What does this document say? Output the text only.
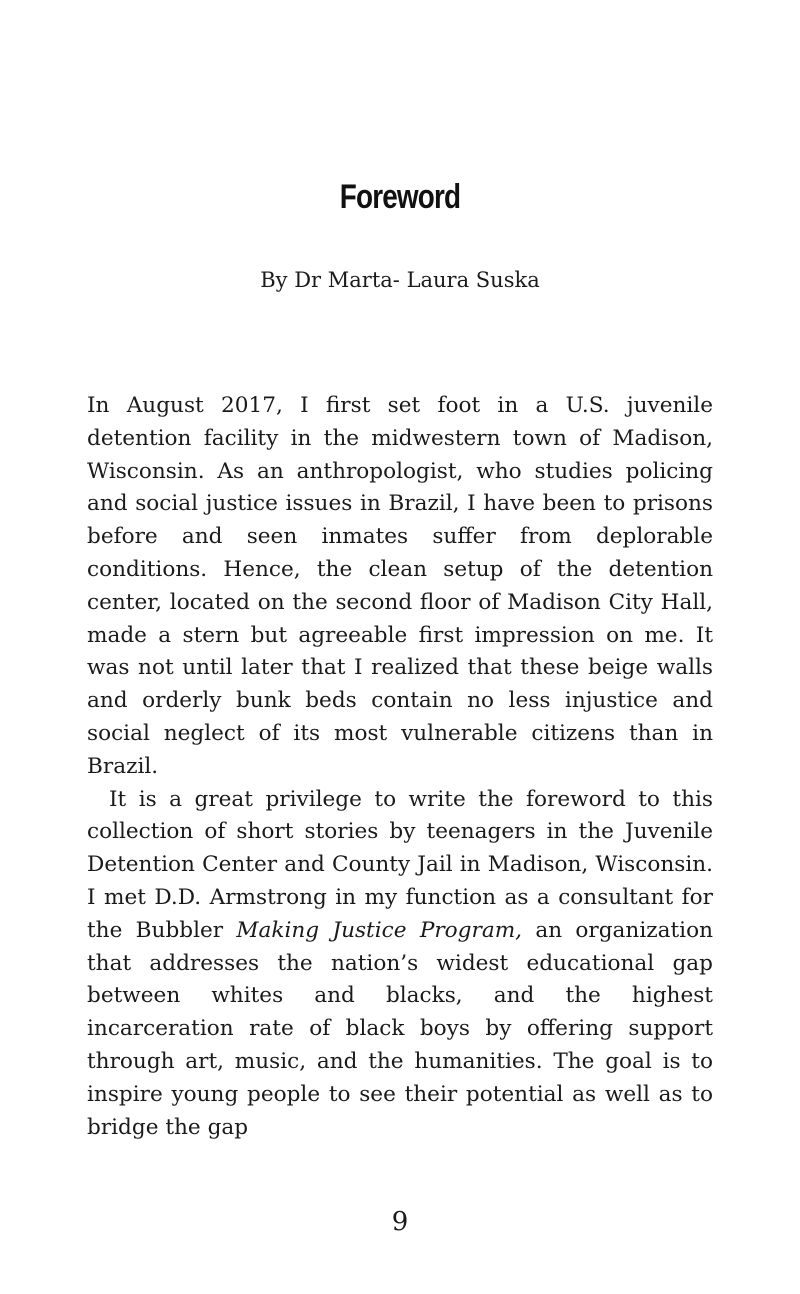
Foreword
By Dr Marta- Laura Suska

In August 2017, I first set foot in a U.S. juvenile detention facility in the midwestern town of Madison, Wisconsin. As an anthropologist, who studies policing and social justice issues in Brazil, I have been to prisons before and seen inmates suffer from deplorable conditions. Hence, the clean setup of the detention center, located on the second floor of Madison City Hall, made a stern but agreeable first impression on me. It was not until later that I realized that these beige walls and orderly bunk beds contain no less injustice and social neglect of its most vulnerable citizens than in Brazil.

It is a great privilege to write the foreword to this collection of short stories by teenagers in the Juvenile Detention Center and County Jail in Madison, Wisconsin. I met D.D. Armstrong in my function as a consultant for the Bubbler Making Justice Program, an organization that addresses the nation’s widest educational gap between whites and blacks, and the highest incarceration rate of black boys by offering support through art, music, and the humanities. The goal is to inspire young people to see their potential as well as to bridge the gap

9
